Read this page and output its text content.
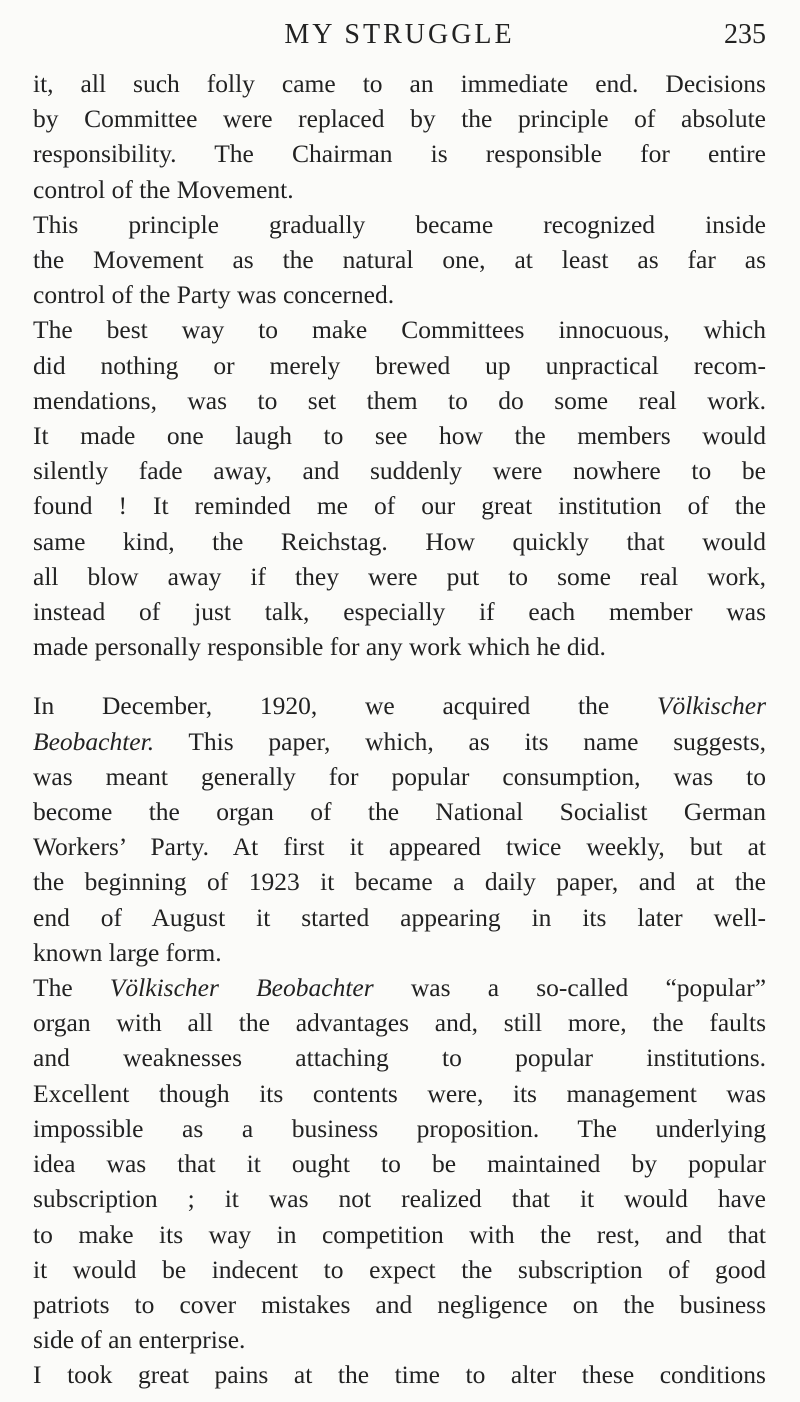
MY STRUGGLE	235
it, all such folly came to an immediate end. Decisions
by Committee were replaced by the principle of absolute
responsibility. The Chairman is responsible for entire
control of the Movement.
This principle gradually became recognized inside
the Movement as the natural one, at least as far as
control of the Party was concerned.
The best way to make Committees innocuous, which
did nothing or merely brewed up unpractical recom-
mendations, was to set them to do some real work.
It made one laugh to see how the members would
silently fade away, and suddenly were nowhere to be
found ! It reminded me of our great institution of the
same kind, the Reichstag. How quickly that would
all blow away if they were put to some real work,
instead of just talk, especially if each member was
made personally responsible for any work which he did.
In December, 1920, we acquired the Völkischer
Beobachter. This paper, which, as its name suggests,
was meant generally for popular consumption, was to
become the organ of the National Socialist German
Workers’ Party. At first it appeared twice weekly, but at
the beginning of 1923 it became a daily paper, and at the
end of August it started appearing in its later well-
known large form.
The Völkischer Beobachter was a so-called “popular”
organ with all the advantages and, still more, the faults
and weaknesses attaching to popular institutions.
Excellent though its contents were, its management was
impossible as a business proposition. The underlying
idea was that it ought to be maintained by popular
subscription ; it was not realized that it would have
to make its way in competition with the rest, and that
it would be indecent to expect the subscription of good
patriots to cover mistakes and negligence on the business
side of an enterprise.
I took great pains at the time to alter these conditions
